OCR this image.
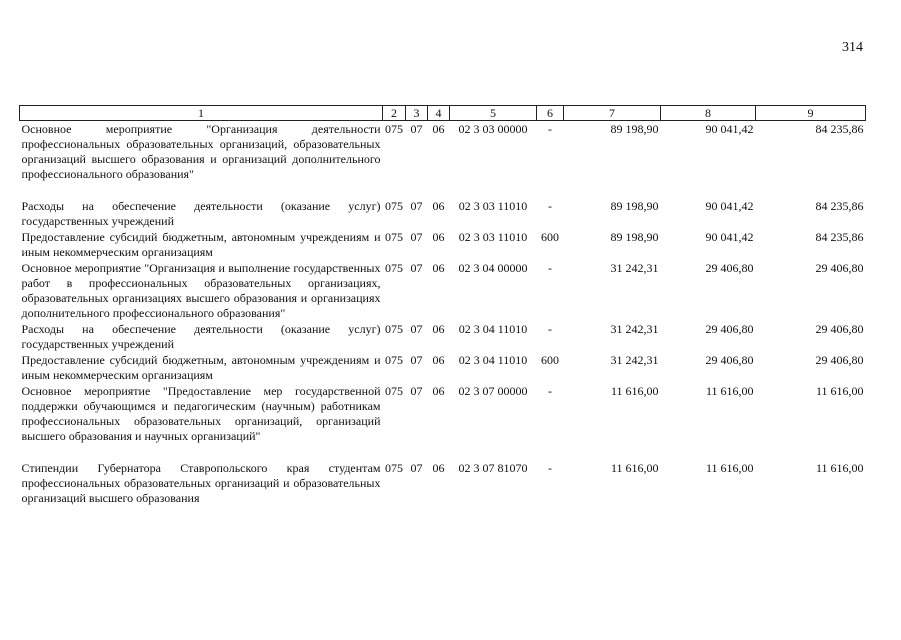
314
1	2	3	4	5	6	7	8	9
Основное мероприятие "Организация деятельности профессиональных образовательных организаций, образовательных организаций высшего образования и организаций дополнительного профессионального образования"	075	07	06	02 3 03 00000	-	89 198,90	90 041,42	84 235,86
Расходы на обеспечение деятельности (оказание услуг) государственных учреждений	075	07	06	02 3 03 11010	-	89 198,90	90 041,42	84 235,86
Предоставление субсидий бюджетным, автономным учреждениям и иным некоммерческим организациям	075	07	06	02 3 03 11010	600	89 198,90	90 041,42	84 235,86
Основное мероприятие "Организация и выполнение государственных работ в профессиональных образовательных организациях, образовательных организациях высшего образования и организациях дополнительного профессионального образования"	075	07	06	02 3 04 00000	-	31 242,31	29 406,80	29 406,80
Расходы на обеспечение деятельности (оказание услуг) государственных учреждений	075	07	06	02 3 04 11010	-	31 242,31	29 406,80	29 406,80
Предоставление субсидий бюджетным, автономным учреждениям и иным некоммерческим организациям	075	07	06	02 3 04 11010	600	31 242,31	29 406,80	29 406,80
Основное мероприятие "Предоставление мер государственной поддержки обучающимся и педагогическим (научным) работникам профессиональных образовательных организаций, организаций высшего образования и научных организаций"	075	07	06	02 3 07 00000	-	11 616,00	11 616,00	11 616,00
Стипендии Губернатора Ставропольского края студентам профессиональных образовательных организаций и образовательных организаций высшего образования	075	07	06	02 3 07 81070	-	11 616,00	11 616,00	11 616,00
